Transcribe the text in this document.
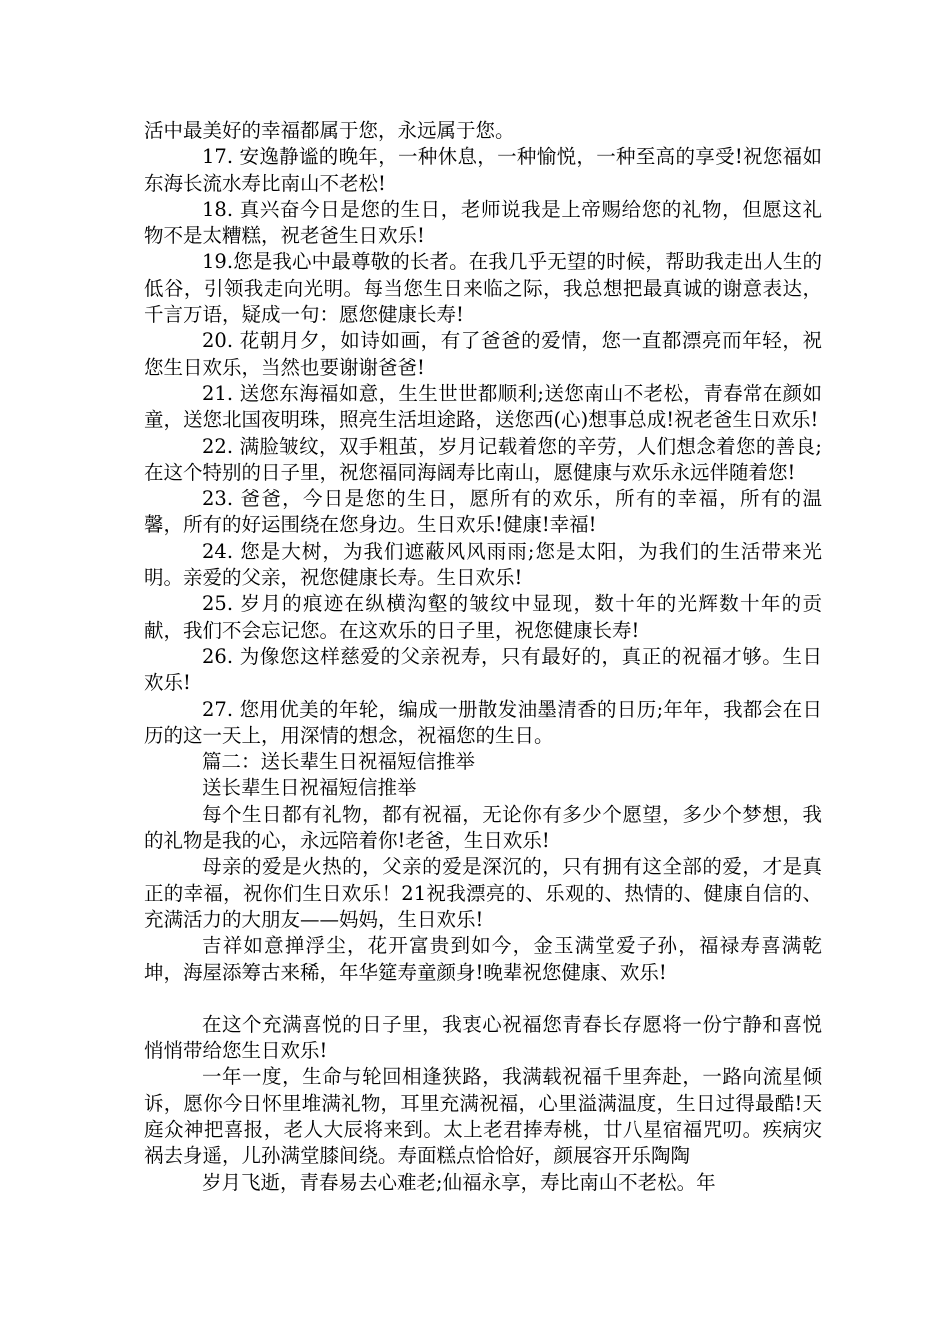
活中最美好的幸福都属于您，永远属于您。

17. 安逸静谧的晚年，一种休息，一种愉悦，一种至高的享受!祝您福如东海长流水寿比南山不老松!

18. 真兴奋今日是您的生日，老师说我是上帝赐给您的礼物，但愿这礼物不是太糟糕，祝老爸生日欢乐!

19.您是我心中最尊敬的长者。在我几乎无望的时候，帮助我走出人生的低谷，引领我走向光明。每当您生日来临之际，我总想把最真诚的谢意表达，千言万语，疑成一句：愿您健康长寿!

20. 花朝月夕，如诗如画，有了爸爸的爱情，您一直都漂亮而年轻，祝您生日欢乐，当然也要谢谢爸爸!

21. 送您东海福如意，生生世世都顺利;送您南山不老松，青春常在颜如童，送您北国夜明珠，照亮生活坦途路，送您西(心)想事总成!祝老爸生日欢乐!

22. 满脸皱纹，双手粗茧，岁月记载着您的辛劳，人们想念着您的善良;在这个特别的日子里，祝您福同海阔寿比南山，愿健康与欢乐永远伴随着您!

23. 爸爸，今日是您的生日，愿所有的欢乐，所有的幸福，所有的温馨，所有的好运围绕在您身边。生日欢乐!健康!幸福!

24. 您是大树，为我们遮蔽风风雨雨;您是太阳，为我们的生活带来光明。亲爱的父亲，祝您健康长寿。生日欢乐!

25. 岁月的痕迹在纵横沟壑的皱纹中显现，数十年的光辉数十年的贡献，我们不会忘记您。在这欢乐的日子里，祝您健康长寿!

26. 为像您这样慈爱的父亲祝寿，只有最好的，真正的祝福才够。生日欢乐!

27. 您用优美的年轮，编成一册散发油墨清香的日历;年年，我都会在日历的这一天上，用深情的想念，祝福您的生日。

篇二：送长辈生日祝福短信推举

送长辈生日祝福短信推举

每个生日都有礼物，都有祝福，无论你有多少个愿望，多少个梦想，我的礼物是我的心，永远陪着你!老爸，生日欢乐!

母亲的爱是火热的，父亲的爱是深沉的，只有拥有这全部的爱，才是真正的幸福，祝你们生日欢乐！21祝我漂亮的、乐观的、热情的、健康自信的、充满活力的大朋友——妈妈，生日欢乐!

吉祥如意掸浮尘，花开富贵到如今，金玉满堂爱子孙，福禄寿喜满乾坤，海屋添筹古来稀，年华筵寿童颜身!晚辈祝您健康、欢乐!

在这个充满喜悦的日子里，我衷心祝福您青春长存愿将一份宁静和喜悦悄悄带给您生日欢乐!

一年一度，生命与轮回相逢狭路，我满载祝福千里奔赴，一路向流星倾诉，愿你今日怀里堆满礼物，耳里充满祝福，心里溢满温度，生日过得最酷!天庭众神把喜报，老人大辰将来到。太上老君捧寿桃，廿八星宿福咒叨。疾病灾祸去身遥，儿孙满堂膝间绕。寿面糕点恰恰好，颜展容开乐陶陶

岁月飞逝，青春易去心难老;仙福永享，寿比南山不老松。年
